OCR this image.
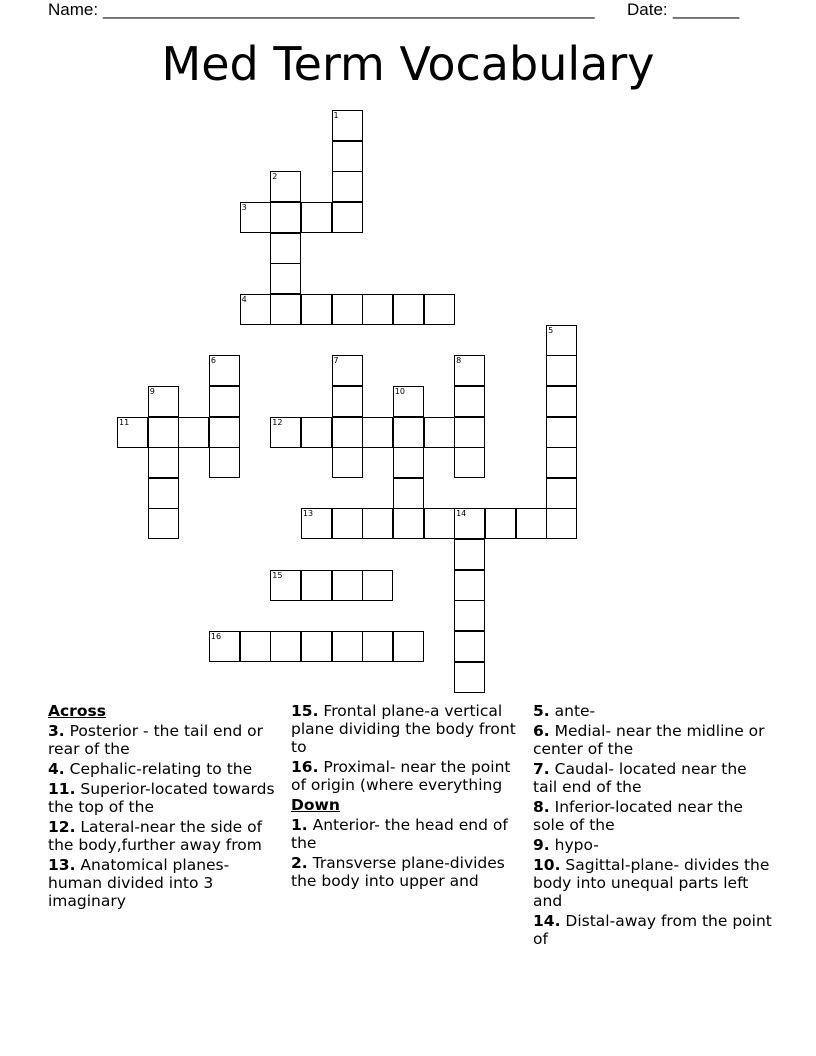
Name: ____________________________________________________ Date: _______
Med Term Vocabulary
1
2
3
4
5
6	7	8
9	10
11	12
13	14
15
16
Across
3. Posterior - the tail end or rear of the
4. Cephalic-relating to the
11. Superior-located towards the top of the
12. Lateral-near the side of the body,further away from
13. Anatomical planes-human divided into 3 imaginary
15. Frontal plane-a vertical plane dividing the body front to
16. Proximal- near the point of origin (where everything
Down
1. Anterior- the head end of the
2. Transverse plane-divides the body into upper and
5. ante-
6. Medial- near the midline or center of the
7. Caudal- located near the tail end of the
8. Inferior-located near the sole of the
9. hypo-
10. Sagittal-plane- divides the body into unequal parts left and
14. Distal-away from the point of
